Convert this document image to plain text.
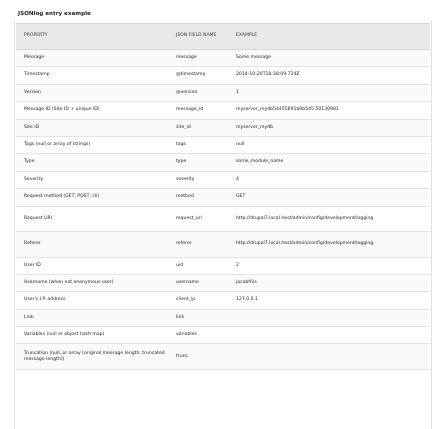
JSONlog entry example
PROPERTY	JSON FIELD NAME	EXAMPLE
Message	message	Some message
Timestamp	@timestamp	2014-10-20T18:38:09.724Z
Version	@version	1
Message ID (Site ID + unique ID)	message_id	myserver_mydb54455691b0b545.50130981
Site ID	site_id	myserver_mydb
Tags (null or array of strings)	tags	null
Type	type	some_module_name
Severity	severity	4
Request method (GET, POST, cli)	method	GET
Request URI	request_uri	http://drupal7.local.host/admin/config/development/logging
Referer	referer	http://drupal7.local.host/admin/config/development/logging
User ID	uid	2
Username (when not anonymous user)	username	jacobfriis
User's I.P. address	client_ip	127.0.0.1
Link	link	
Variables (null or object hash map)	variables	
Truncation (null, or array [original message length, truncated message length])	trunc	
